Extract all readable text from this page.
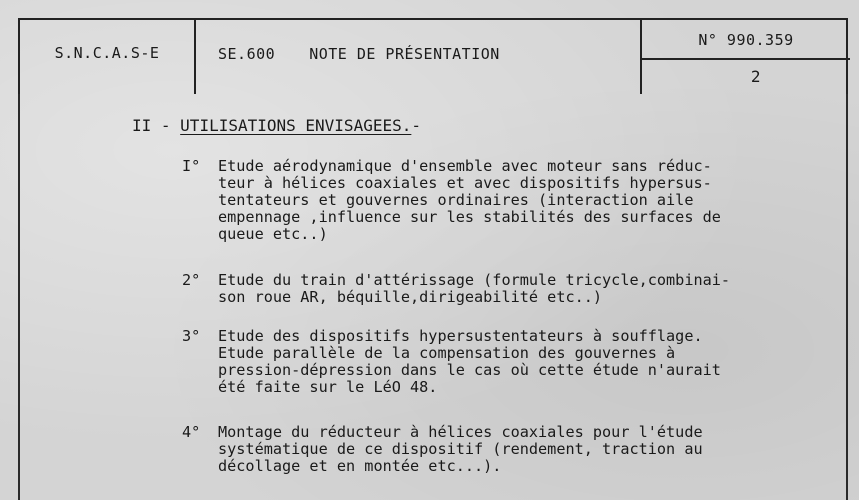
S.N.C.A.S-E	SE.600 NOTE DE PRÉSENTATION
N° 990.359
2
II - UTILISATIONS ENVISAGEES.-
I° Etude aérodynamique d'ensemble avec moteur sans réduc-
teur à hélices coaxiales et avec dispositifs hypersus-
tentateurs et gouvernes ordinaires (interaction aile
empennage ,influence sur les stabilités des surfaces de
queue etc..)
2° Etude du train d'attérissage (formule tricycle,combinai-
son roue AR, béquille,dirigeabilité etc..)
3° Etude des dispositifs hypersustentateurs à soufflage.
Etude parallèle de la compensation des gouvernes à
pression-dépression dans le cas où cette étude n'aurait
été faite sur le LéO 48.
4° Montage du réducteur à hélices coaxiales pour l'étude
systématique de ce dispositif (rendement, traction au
décollage et en montée etc...).
